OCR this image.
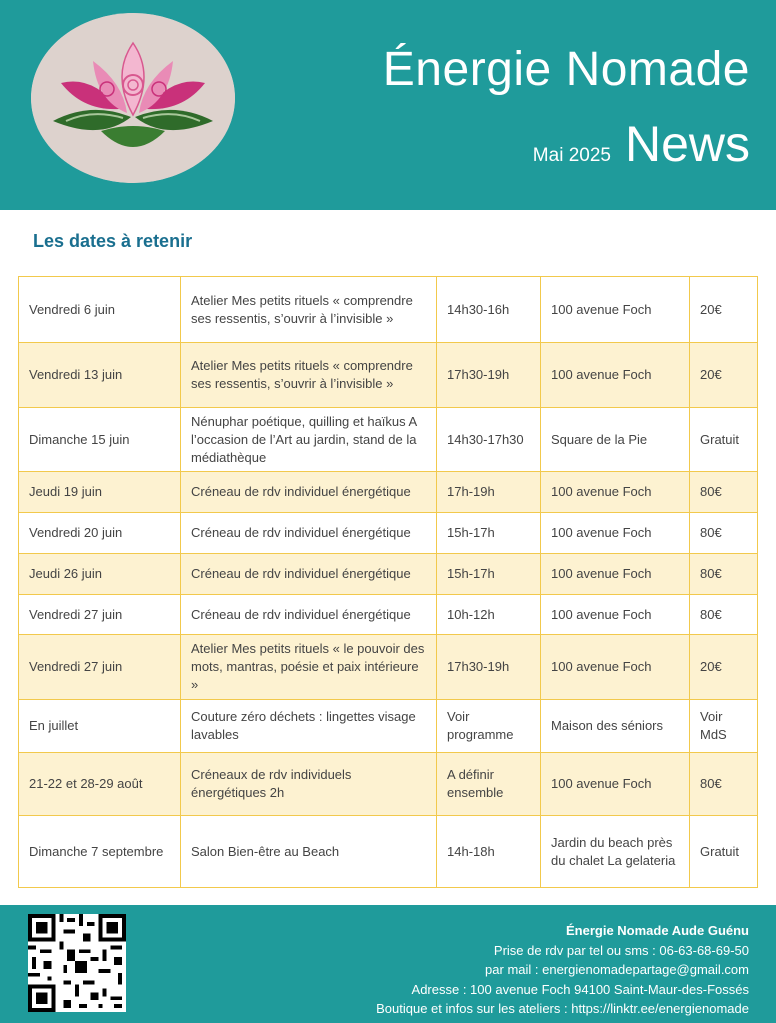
Énergie Nomade
Mai 2025 News
Les dates à retenir
Vendredi 6 juin	Atelier Mes petits rituels « comprendre ses ressentis, s’ouvrir à l’invisible »	14h30-16h	100 avenue Foch	20€
Vendredi 13 juin	Atelier Mes petits rituels « comprendre ses ressentis, s’ouvrir à l’invisible »	17h30-19h	100 avenue Foch	20€
Dimanche 15 juin	Nénuphar poétique, quilling et haïkus A l’occasion de l’Art au jardin, stand de la médiathèque	14h30-17h30	Square de la Pie	Gratuit
Jeudi 19 juin	Créneau de rdv individuel énergétique	17h-19h	100 avenue Foch	80€
Vendredi 20 juin	Créneau de rdv individuel énergétique	15h-17h	100 avenue Foch	80€
Jeudi 26 juin	Créneau de rdv individuel énergétique	15h-17h	100 avenue Foch	80€
Vendredi 27 juin	Créneau de rdv individuel énergétique	10h-12h	100 avenue Foch	80€
Vendredi 27 juin	Atelier Mes petits rituels « le pouvoir des mots, mantras, poésie et paix intérieure »	17h30-19h	100 avenue Foch	20€
En juillet	Couture zéro déchets : lingettes visage lavables	Voir programme	Maison des séniors	Voir MdS
21-22 et 28-29 août	Créneaux de rdv individuels énergétiques 2h	A définir ensemble	100 avenue Foch	80€
Dimanche 7 septembre	Salon Bien-être au Beach	14h-18h	Jardin du beach près du chalet La gelateria	Gratuit
Énergie Nomade Aude Guénu
Prise de rdv par tel ou sms : 06-63-68-69-50
par mail : energienomadepartage@gmail.com
Adresse : 100 avenue Foch 94100 Saint-Maur-des-Fossés
Boutique et infos sur les ateliers : https://linktr.ee/energienomade
